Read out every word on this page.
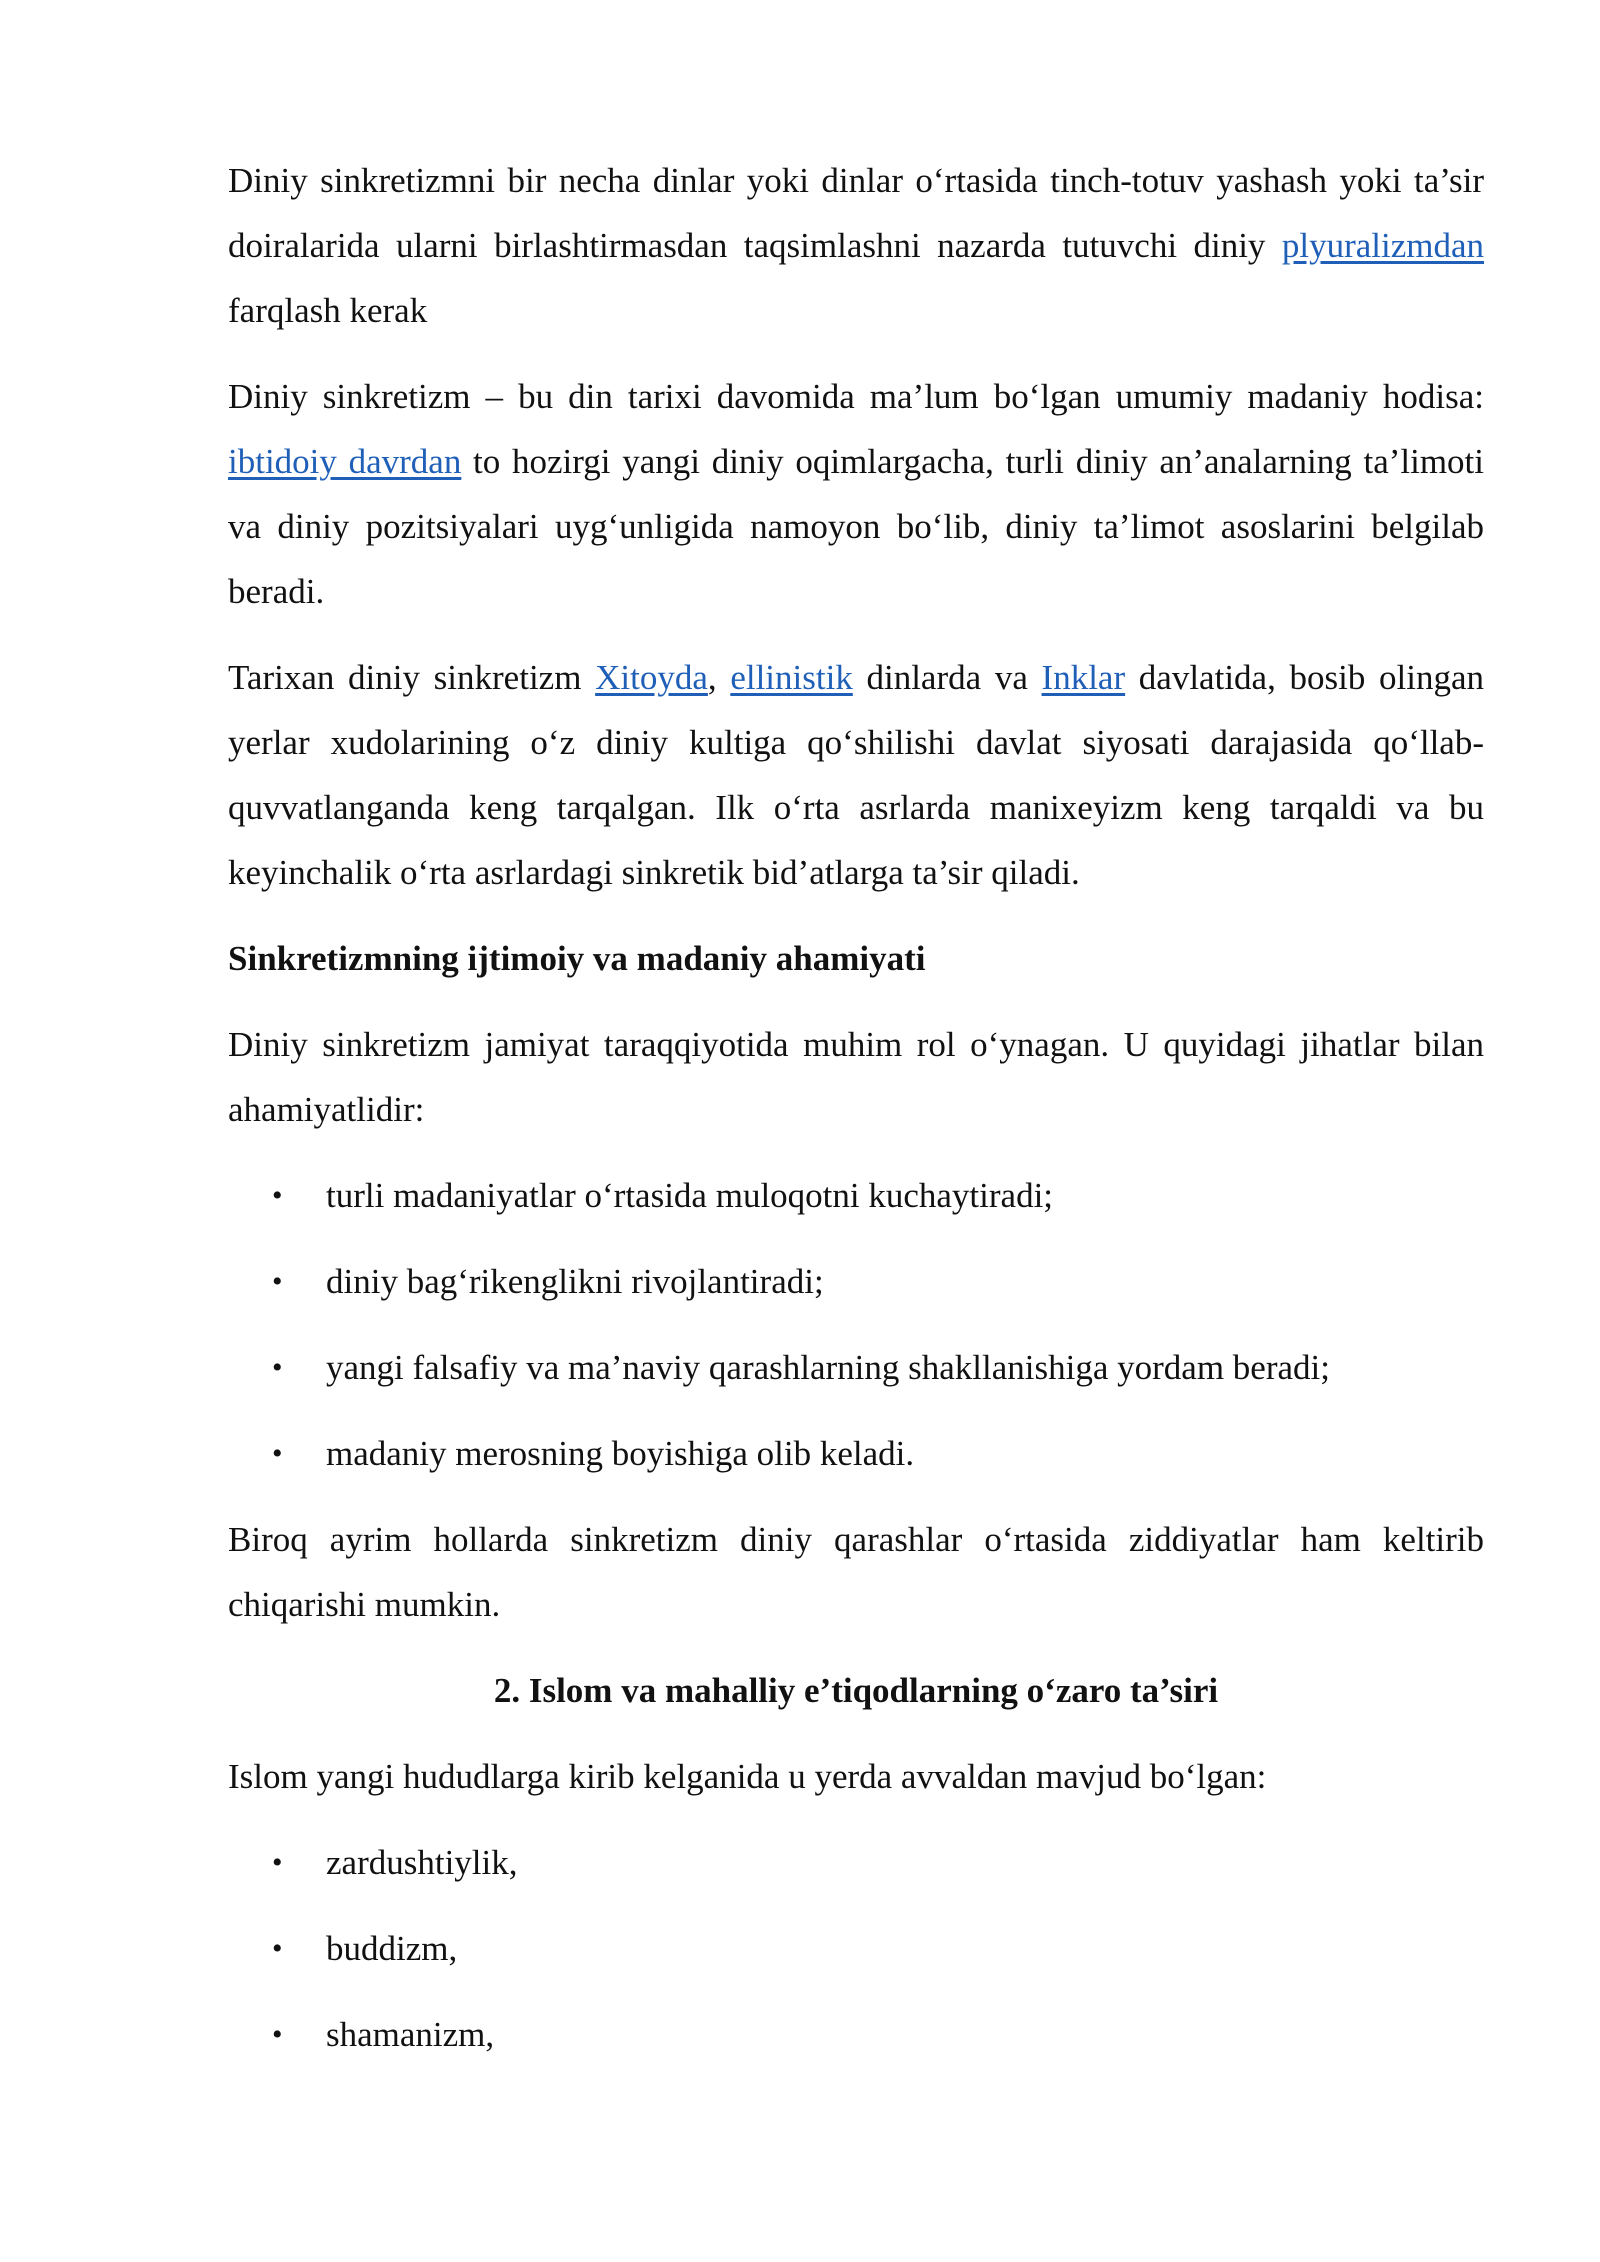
Diniy sinkretizmni bir necha dinlar yoki dinlar o‘rtasida tinch-totuv yashash yoki ta’sir doiralarida ularni birlashtirmasdan taqsimlashni nazarda tutuvchi diniy plyuralizmdan farqlash kerak

Diniy sinkretizm – bu din tarixi davomida ma’lum bo‘lgan umumiy madaniy hodisa: ibtidoiy davrdan to hozirgi yangi diniy oqimlargacha, turli diniy an’analarning ta’limoti va diniy pozitsiyalari uyg‘unligida namoyon bo‘lib, diniy ta’limot asoslarini belgilab beradi.

Tarixan diniy sinkretizm Xitoyda, ellinistik dinlarda va Inklar davlatida, bosib olingan yerlar xudolarining o‘z diniy kultiga qo‘shilishi davlat siyosati darajasida qo‘llab-quvvatlanganda keng tarqalgan. Ilk o‘rta asrlarda manixeyizm keng tarqaldi va bu keyinchalik o‘rta asrlardagi sinkretik bid’atlarga ta’sir qiladi.

Sinkretizmning ijtimoiy va madaniy ahamiyati

Diniy sinkretizm jamiyat taraqqiyotida muhim rol o‘ynagan. U quyidagi jihatlar bilan ahamiyatlidir:

• turli madaniyatlar o‘rtasida muloqotni kuchaytiradi;
• diniy bag‘rikenglikni rivojlantiradi;
• yangi falsafiy va ma’naviy qarashlarning shakllanishiga yordam beradi;
• madaniy merosning boyishiga olib keladi.

Biroq ayrim hollarda sinkretizm diniy qarashlar o‘rtasida ziddiyatlar ham keltirib chiqarishi mumkin.

2. Islom va mahalliy e’tiqodlarning o‘zaro ta’siri

Islom yangi hududlarga kirib kelganida u yerda avvaldan mavjud bo‘lgan:

• zardushtiylik,
• buddizm,
• shamanizm,
